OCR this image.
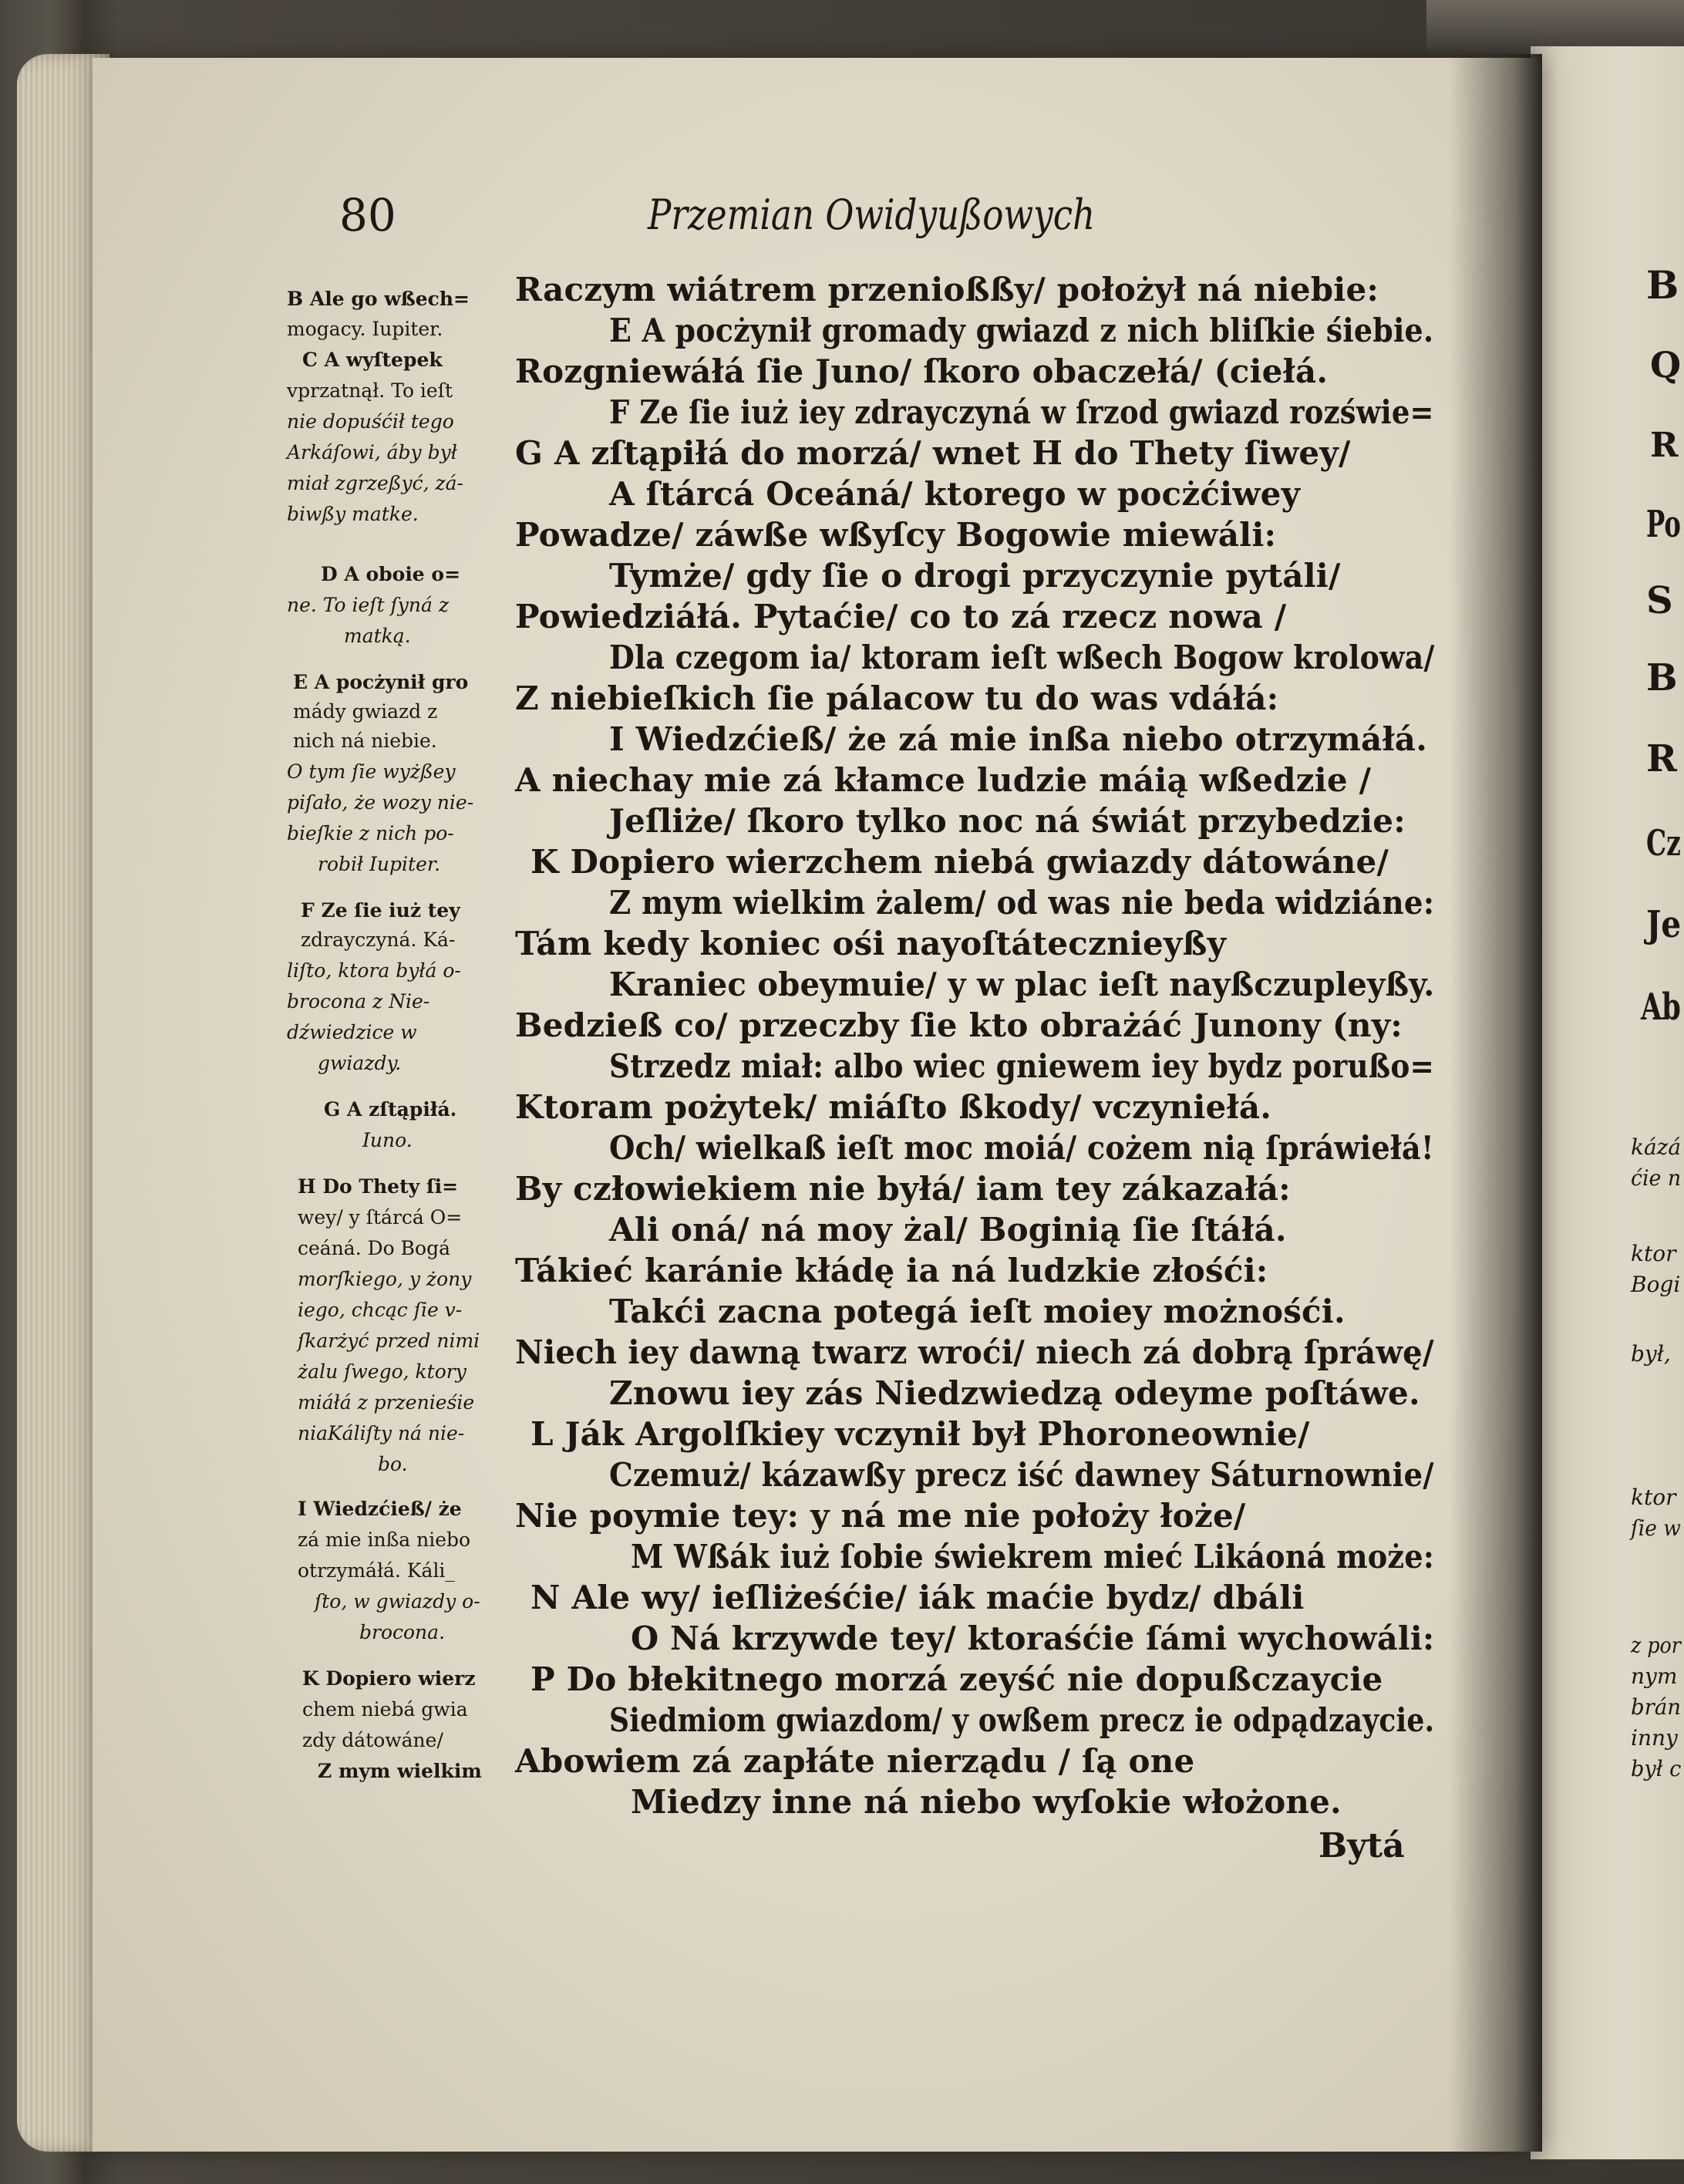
80	Przemian Owidyußowych
Raczym wiátrem przenioßßy/ położył ná niebie:
E A pocżynił gromady gwiazd z nich bliſkie śiebie.
Rozgniewáłá ſie Juno/ ſkoro obaczełá/ (ciełá.
F Ze ſie iuż iey zdrayczyná w ſrzod gwiazd rozświe=
G A zſtąpiłá do morzá/ wnet H do Thety ſiwey/
A ſtárcá Oceáná/ ktorego w pocżćiwey
Powadze/ záwße wßyſcy Bogowie miewáli:
Tymże/ gdy ſie o drogi przyczynie pytáli/
Powiedziáłá. Pytaćie/ co to zá rzecz nowa /
Dla czegom ia/ ktoram ieſt wßech Bogow krolowa/
Z niebieſkich ſie pálacow tu do was vdáłá:
I Wiedzćieß/ że zá mie inßa niebo otrzymáłá.
A niechay mie zá kłamce ludzie máią wßedzie /
Jeſliże/ ſkoro tylko noc ná świát przybedzie:
K Dopiero wierzchem niebá gwiazdy dátowáne/
Z mym wielkim żalem/ od was nie beda widziáne:
Tám kedy koniec ośi nayoſtátecznieyßy
Kraniec obeymuie/ y w plac ieſt nayßczupleyßy.
Bedzieß co/ przeczby ſie kto obrażáć Junony (ny:
Strzedz miał: albo wiec gniewem iey bydz porußo=
Ktoram pożytek/ miáſto ßkody/ vczyniełá.
Och/ wielkaß ieſt moc moiá/ cożem nią ſpráwiełá!
By człowiekiem nie byłá/ iam tey zákazałá:
Ali oná/ ná moy żal/ Boginią ſie ſtáłá.
Tákieć karánie kłádę ia ná ludzkie złośći:
Takći zacna potegá ieſt moiey możnośći.
Niech iey dawną twarz wroći/ niech zá dobrą ſpráwę/
Znowu iey zás Niedzwiedzą odeyme poſtáwe.
L Ják Argolſkiey vczynił był Phoroneownie/
Czemuż/ kázawßy precz iść dawney Sáturnownie/
Nie poymie tey: y ná me nie położy łoże/
M Wßák iuż ſobie świekrem mieć Likáoná może:
N Ale wy/ ieſliżeśćie/ iák maćie bydz/ dbáli
O Ná krzywde tey/ ktoraśćie ſámi wychowáli:
P Do błekitnego morzá zeyść nie dopußczaycie
Siedmiom gwiazdom/ y owßem precz ie odpądzaycie.
Abowiem zá zapłáte nierządu / ſą one
Miedzy inne ná niebo wyſokie włożone.
B Ale go wßech=
mogacy. Iupiter.
C A wyſtepek
vprzatnął. To ieſt
nie dopuśćił tego
Arkáſowi, áby był
miał zgrzeßyć, zá-
biwßy matke.
D A oboie o=
ne. To ieſt ſyná z
matką.
E A pocżynił gro
mády gwiazd z
nich ná niebie.
O tym ſie wyżßey
piſało, że wozy nie-
bieſkie z nich po-
robił Iupiter.
F Ze ſie iuż tey
zdrayczyná. Ká-
liſto, ktora byłá o-
brocona z Nie-
dźwiedzice w
gwiazdy.
G A zſtąpiłá.
Iuno.
H Do Thety ſi=
wey/ y ſtárcá O=
ceáná. Do Bogá
morſkiego, y żony
iego, chcąc ſie v-
ſkarżyć przed nimi
żalu ſwego, ktory
miáłá z przenieśie
niaKáliſty ná nie-
bo.
I Wiedzćieß/ że
zá mie inßa niebo
otrzymáłá. Káli_
ſto, w gwiazdy o-
brocona.
K Dopiero wierz
chem niebá gwia
zdy dátowáne/
Z mym wielkim
Bytá
B
Q
R
Po
S
B
R
Cz
Je
Ab
kázá
ćie n
ktor
Bogi
był,
ktor
ſie w
z por
nym
brán
inny
był c
